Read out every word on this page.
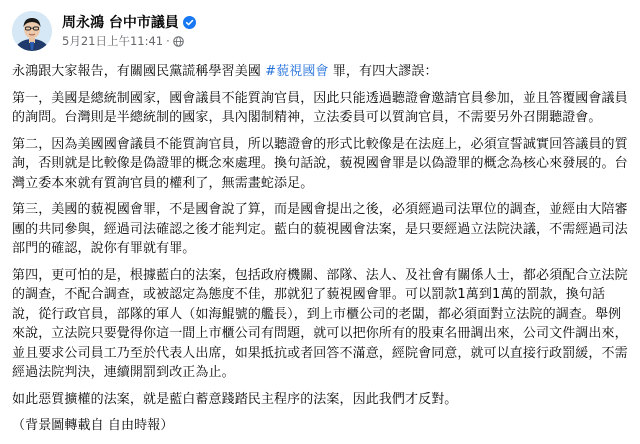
周永鴻 台中市議員
5月21日上午11:41 ·

永鴻跟大家報告，有關國民黨謊稱學習美國 #藐視國會 罪，有四大謬誤：

第一，美國是總統制國家，國會議員不能質詢官員，因此只能透過聽證會邀請官員參加，並且答覆國會議員的詢問。台灣則是半總統制的國家，具內閣制精神，立法委員可以質詢官員，不需要另外召開聽證會。

第二，因為美國國會議員不能質詢官員，所以聽證會的形式比較像是在法庭上，必須宣誓誠實回答議員的質詢，否則就是比較像是偽證罪的概念來處理。換句話說，藐視國會罪是以偽證罪的概念為核心來發展的。台灣立委本來就有質詢官員的權利了，無需畫蛇添足。

第三，美國的藐視國會罪，不是國會說了算，而是國會提出之後，必須經過司法單位的調查，並經由大陪審團的共同參與，經過司法確認之後才能判定。藍白的藐視國會法案，是只要經過立法院決議，不需經過司法部門的確認，說你有罪就有罪。

第四，更可怕的是，根據藍白的法案，包括政府機關、部隊、法人、及社會有關係人士，都必須配合立法院的調查，不配合調查，或被認定為態度不佳，那就犯了藐視國會罪。可以罰款1萬到1萬的罰款，換句話說，從行政官員，部隊的軍人（如海鯤號的艦長），到上市櫃公司的老闆，都必須面對立法院的調查。舉例來說，立法院只要覺得你這一間上市櫃公司有問題，就可以把你所有的股東名冊調出來，公司文件調出來，並且要求公司員工乃至於代表人出席，如果抵抗或者回答不滿意，經院會同意，就可以直接行政罰緩，不需經過法院判決，連續開罰到改正為止。

如此惡質擴權的法案，就是藍白蓄意踐踏民主程序的法案，因此我們才反對。

（背景圖轉載自 自由時報）
